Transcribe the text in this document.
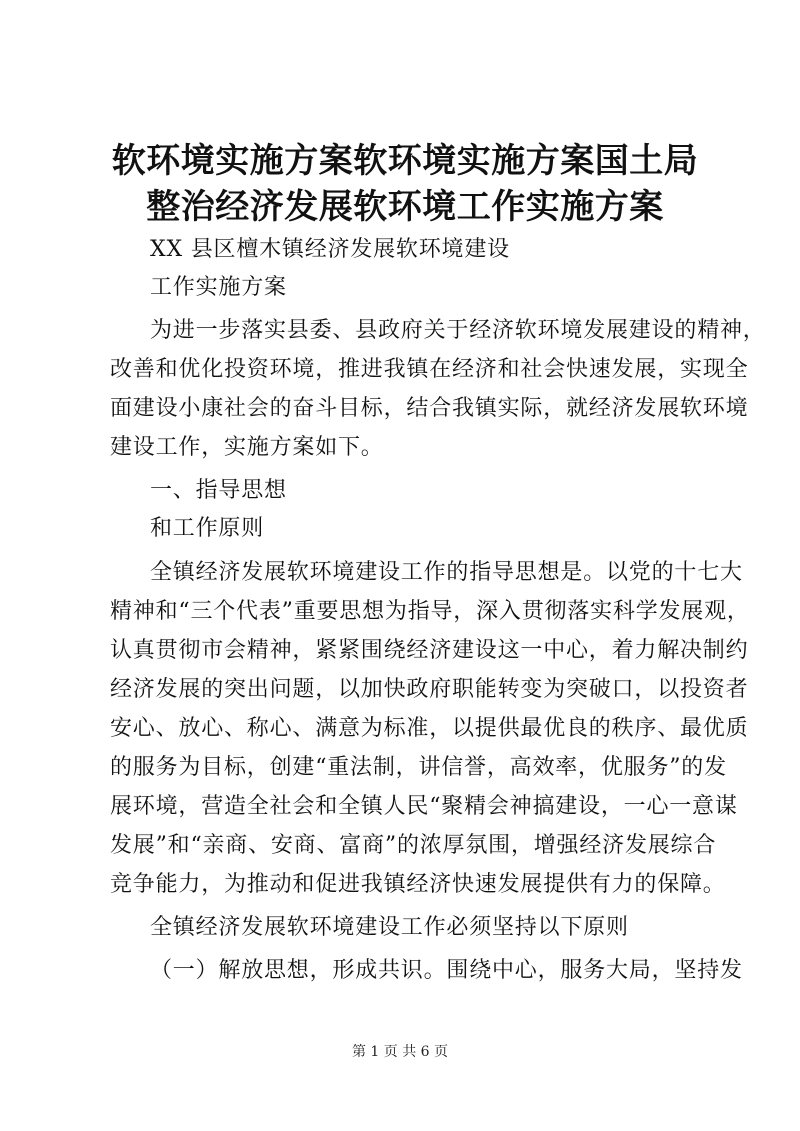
软环境实施方案软环境实施方案国土局整治经济发展软环境工作实施方案
XX 县区檀木镇经济发展软环境建设
工作实施方案
为进一步落实县委、县政府关于经济软环境发展建设的精神，
改善和优化投资环境，推进我镇在经济和社会快速发展，实现全
面建设小康社会的奋斗目标，结合我镇实际，就经济发展软环境
建设工作，实施方案如下。
一、指导思想
和工作原则
全镇经济发展软环境建设工作的指导思想是。以党的十七大
精神和“三个代表”重要思想为指导，深入贯彻落实科学发展观，
认真贯彻市会精神，紧紧围绕经济建设这一中心，着力解决制约
经济发展的突出问题，以加快政府职能转变为突破口，以投资者
安心、放心、称心、满意为标准，以提供最优良的秩序、最优质
的服务为目标，创建“重法制，讲信誉，高效率，优服务”的发
展环境，营造全社会和全镇人民“聚精会神搞建设，一心一意谋
发展”和“亲商、安商、富商”的浓厚氛围，增强经济发展综合
竞争能力，为推动和促进我镇经济快速发展提供有力的保障。
全镇经济发展软环境建设工作必须坚持以下原则
（一）解放思想，形成共识。围绕中心，服务大局，坚持发
第 1 页 共 6 页
